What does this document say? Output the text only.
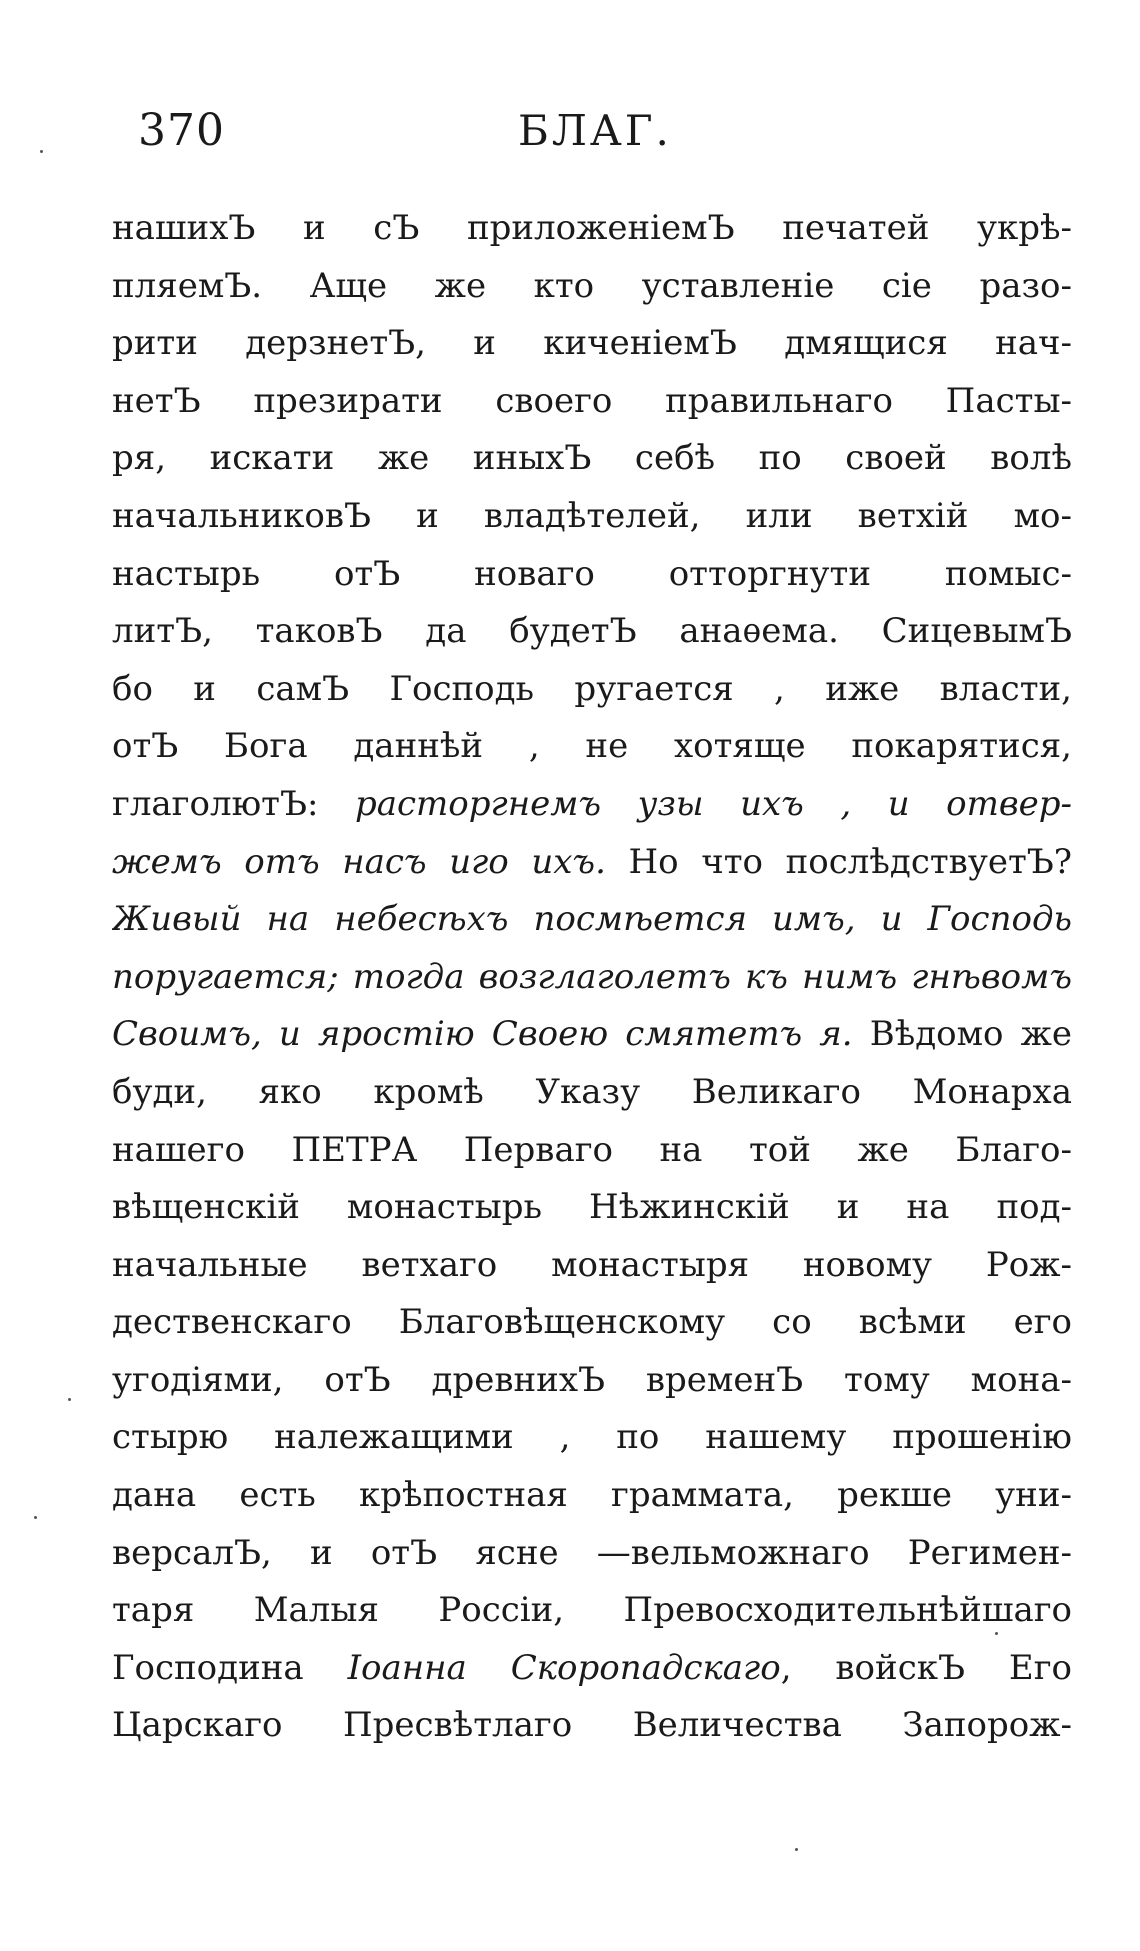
370	БЛАГ.
нашихЪ и сЪ приложеніемЪ печатей укрѣ-
пляемЪ. Аще же кто уставленіе сіе разо-
рити дерзнетЪ, и киченіемЪ дмящися нач-
нетЪ презирати своего правильнаго Пасты-
ря, искати же иныхЪ себѣ по своей волѣ
начальниковЪ и владѣтелей, или ветхій мо-
настырь отЪ новаго отторгнути помыс-
литЪ, таковЪ да будетЪ анаѳема. СицевымЪ
бо и самЪ Господь ругается , иже власти,
отЪ Бога даннѣй , не хотяще покарятися,
глаголютЪ: расторгнемъ узы ихъ , и отвер-
жемъ отъ насъ иго ихъ. Но что послѣдствуетЪ?
Живый на небесѣхъ посмѣется имъ, и Господь
поругается; тогда возглаголетъ къ нимъ гнѣвомъ
Своимъ, и яростію Своею смятетъ я. Вѣдомо же
буди, яко кромѣ Указу Великаго Монарха
нашего ПЕТРА Перваго на той же Благо-
вѣщенскій монастырь Нѣжинскій и на под-
начальные ветхаго монастыря новому Рож-
дественскаго Благовѣщенскому со всѣми его
угодіями, отЪ древнихЪ временЪ тому мона-
стырю належащими , по нашему прошенію
дана есть крѣпостная граммата, рекше уни-
версалЪ, и отЪ ясне —вельможнаго Регимен-
таря Малыя Россіи, Превосходительнѣйшаго
Господина Іоанна Скоропадскаго, войскЪ Его
Царскаго Пресвѣтлаго Величества Запорож-
